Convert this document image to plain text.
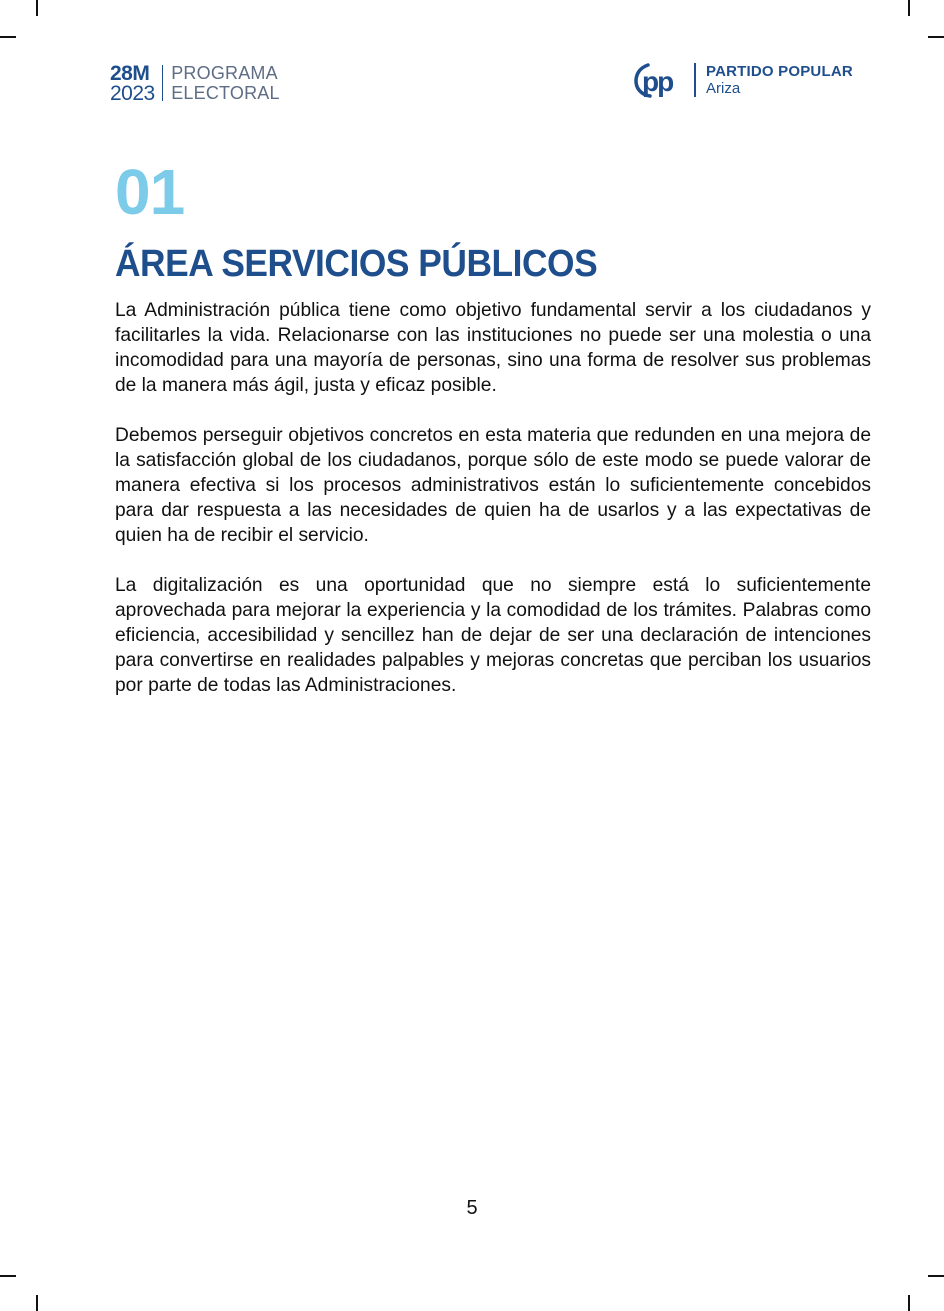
28M
2023
PROGRAMA
ELECTORAL	pp PARTIDO POPULAR
Ariza
01
ÁREA SERVICIOS PÚBLICOS

La Administración pública tiene como objetivo fundamental servir a los ciudadanos y facilitarles la vida. Relacionarse con las instituciones no puede ser una molestia o una incomodidad para una mayoría de personas, sino una forma de resolver sus problemas de la manera más ágil, justa y eficaz posible.

Debemos perseguir objetivos concretos en esta materia que redunden en una mejora de la satisfacción global de los ciudadanos, porque sólo de este modo se puede valorar de manera efectiva si los procesos administrativos están lo suficientemente concebidos para dar respuesta a las necesidades de quien ha de usarlos y a las expectativas de quien ha de recibir el servicio.

La digitalización es una oportunidad que no siempre está lo suficientemente aprovechada para mejorar la experiencia y la comodidad de los trámites. Palabras como eficiencia, accesibilidad y sencillez han de dejar de ser una declaración de intenciones para convertirse en realidades palpables y mejoras concretas que perciban los usuarios por parte de todas las Administraciones.

5
